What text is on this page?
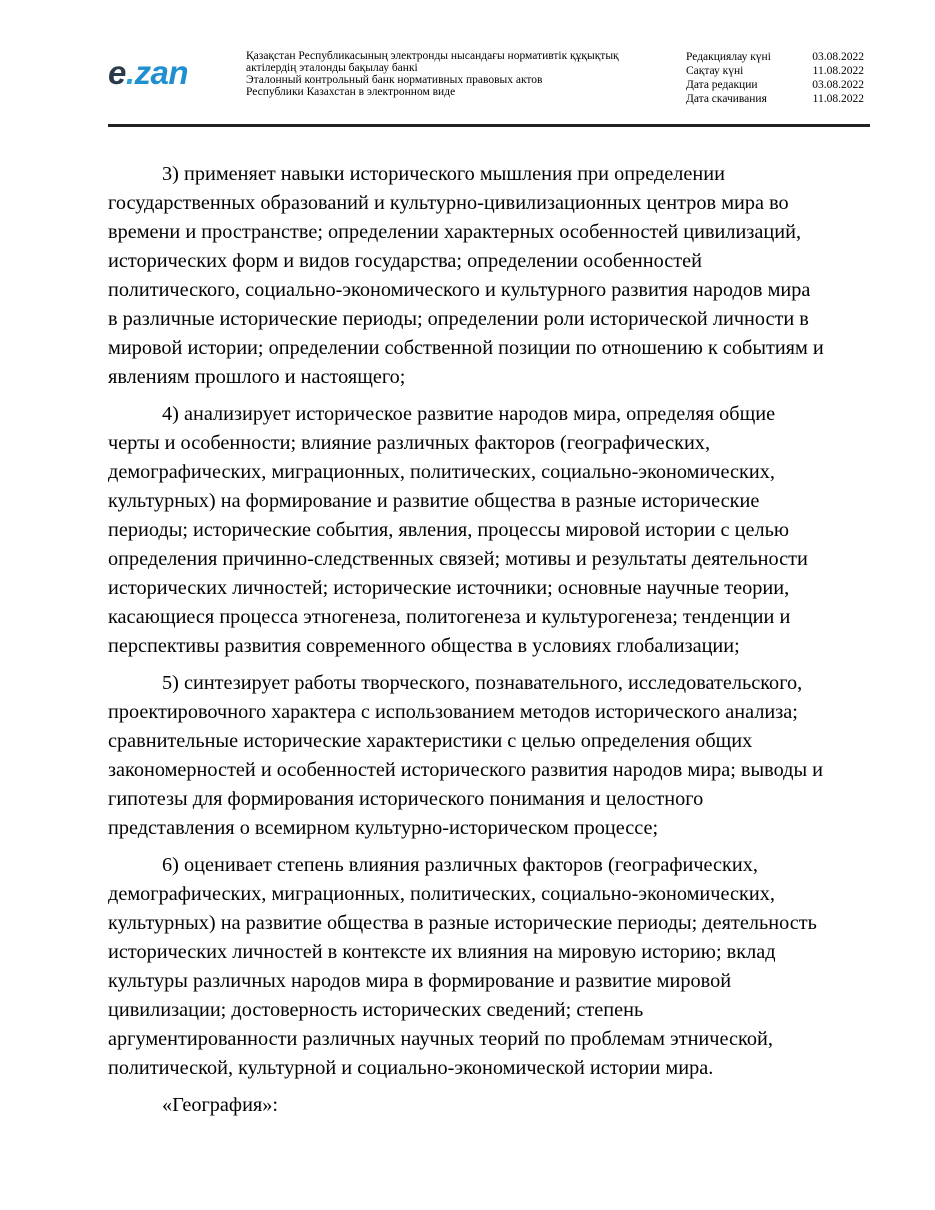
e.zan	Қазақстан Республикасының электронды нысандағы нормативтік құқықтық
актілердің эталонды бақылау банкі
Эталонный контрольный банк нормативных правовых актов
Республики Казахстан в электронном виде
Редакциялау күні	03.08.2022
Сақтау күні	11.08.2022
Дата редакции	03.08.2022
Дата скачивания	11.08.2022
3) применяет навыки исторического мышления при определении
государственных образований и культурно-цивилизационных центров мира во
времени и пространстве; определении характерных особенностей цивилизаций,
исторических форм и видов государства; определении особенностей
политического, социально-экономического и культурного развития народов мира
в различные исторические периоды; определении роли исторической личности в
мировой истории; определении собственной позиции по отношению к событиям и
явлениям прошлого и настоящего;
4) анализирует историческое развитие народов мира, определяя общие
черты и особенности; влияние различных факторов (географических,
демографических, миграционных, политических, социально-экономических,
культурных) на формирование и развитие общества в разные исторические
периоды; исторические события, явления, процессы мировой истории с целью
определения причинно-следственных связей; мотивы и результаты деятельности
исторических личностей; исторические источники; основные научные теории,
касающиеся процесса этногенеза, политогенеза и культурогенеза; тенденции и
перспективы развития современного общества в условиях глобализации;
5) синтезирует работы творческого, познавательного, исследовательского,
проектировочного характера с использованием методов исторического анализа;
сравнительные исторические характеристики с целью определения общих
закономерностей и особенностей исторического развития народов мира; выводы и
гипотезы для формирования исторического понимания и целостного
представления о всемирном культурно-историческом процессе;
6) оценивает степень влияния различных факторов (географических,
демографических, миграционных, политических, социально-экономических,
культурных) на развитие общества в разные исторические периоды; деятельность
исторических личностей в контексте их влияния на мировую историю; вклад
культуры различных народов мира в формирование и развитие мировой
цивилизации; достоверность исторических сведений; степень
аргументированности различных научных теорий по проблемам этнической,
политической, культурной и социально-экономической истории мира.
«География»:
